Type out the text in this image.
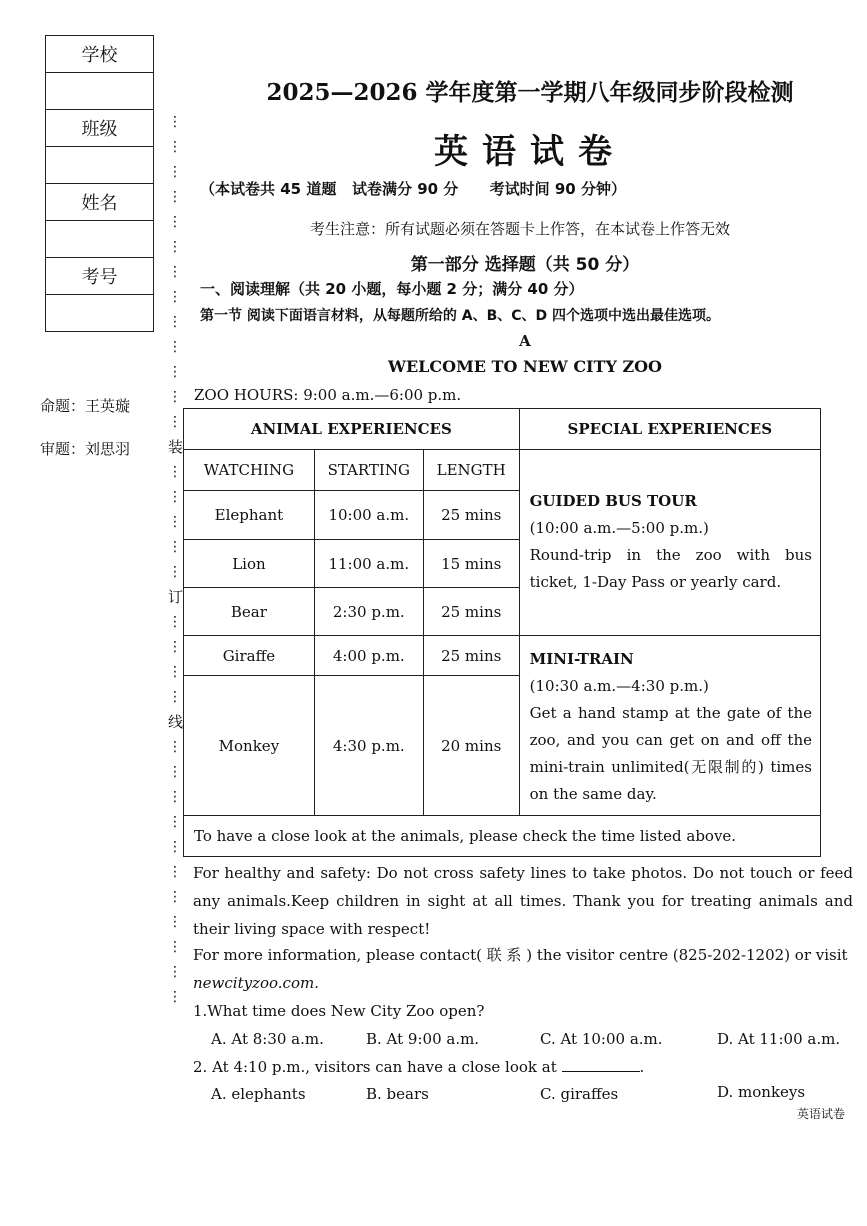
学校
班级
姓名
考号
命题：王英璇
审题：刘思羽
⋮
⋮
⋮
⋮
⋮
⋮
⋮
⋮
⋮
⋮
⋮
⋮
⋮
装
⋮
⋮
⋮
⋮
⋮
订
⋮
⋮
⋮
⋮
线
⋮
⋮
⋮
⋮
⋮
⋮
⋮
⋮
⋮
⋮
⋮
2025—2026 学年度第一学期八年级同步阶段检测
英语试卷
（本试卷共 45 道题   试卷满分 90 分      考试时间 90 分钟）
考生注意：所有试题必须在答题卡上作答，在本试卷上作答无效
第一部分 选择题（共 50 分）
一、阅读理解（共 20 小题，每小题 2 分；满分 40 分）
第一节 阅读下面语言材料，从每题所给的 A、B、C、D 四个选项中选出最佳选项。
A
WELCOME TO NEW CITY ZOO
ZOO HOURS: 9:00 a.m.—6:00 p.m.
ANIMAL EXPERIENCES			SPECIAL EXPERIENCES
WATCHING	STARTING	LENGTH	GUIDED BUS TOUR
(10:00 a.m.—5:00 p.m.)
Round-trip in the zoo with bus ticket, 1-Day Pass or yearly card.

Elephant	10:00 a.m.	25 mins	
Lion	11:00 a.m.	15 mins	
Bear	2:30 p.m.	25 mins	
Giraffe	4:00 p.m.	25 mins	MINI-TRAIN
(10:30 a.m.—4:30 p.m.)
Get a hand stamp at the gate of the zoo, and you can get on and off the mini-train unlimited(无限制的) times on the same day.

Monkey	4:30 p.m.	20 mins	
To have a close look at the animals, please check the time listed above.			
For healthy and safety: Do not cross safety lines to take photos. Do not touch or feed any animals.Keep children in sight at all times. Thank you for treating animals and their living space with respect!
For more information, please contact( 联 系 ) the visitor centre (825-202-1202) or visit
newcityzoo.com.
1.What time does New City Zoo open?
A. At 8:30 a.m.	B. At 9:00 a.m.	C. At 10:00 a.m.	D. At 11:00 a.m.
2. At 4:10 p.m., visitors can have a close look at	.
A. elephants	B. bears	C. giraffes	D. monkeys
英语试卷
